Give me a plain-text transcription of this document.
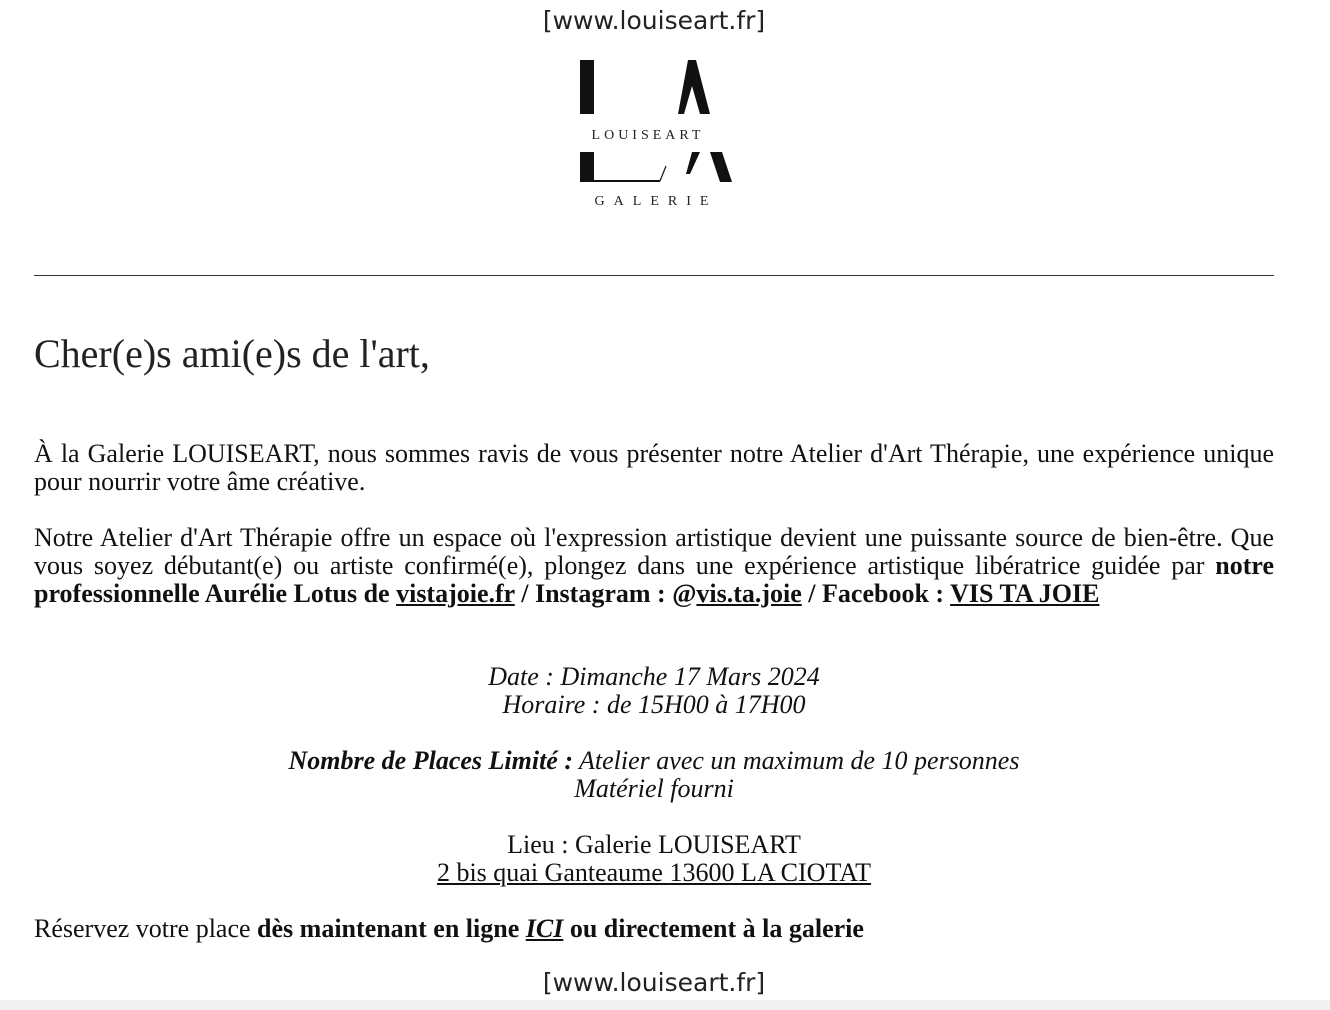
[www.louiseart.fr]
LOUISEART
GALERIE
Cher(e)s ami(e)s de l'art,
À la Galerie LOUISEART, nous sommes ravis de vous présenter notre Atelier d'Art Thérapie, une expérience unique pour nourrir votre âme créative.
Notre Atelier d'Art Thérapie offre un espace où l'expression artistique devient une puissante source de bien-être. Que vous soyez débutant(e) ou artiste confirmé(e), plongez dans une expérience artistique libératrice guidée par notre professionnelle Aurélie Lotus de vistajoie.fr / Instagram : @vis.ta.joie / Facebook : VIS TA JOIE
Date : Dimanche 17 Mars 2024
Horaire : de 15H00 à 17H00
Nombre de Places Limité : Atelier avec un maximum de 10 personnes
Matériel fourni
Lieu : Galerie LOUISEART
2 bis quai Ganteaume 13600 LA CIOTAT
Réservez votre place dès maintenant en ligne ICI ou directement à la galerie
[www.louiseart.fr]
